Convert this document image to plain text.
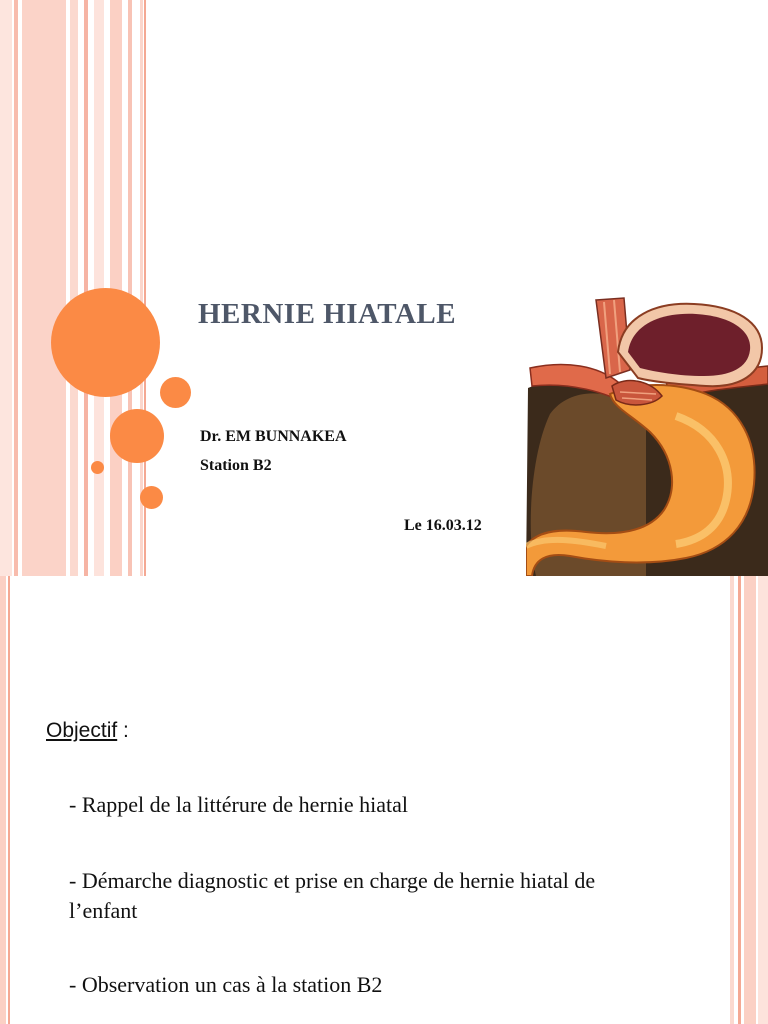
HERNIE HIATALE
Dr. EM BUNNAKEA
Station B2
Le 16.03.12
Objectif :
- Rappel de la littérure de hernie hiatal
- Démarche diagnostic et prise en charge de hernie hiatal de l’enfant
- Observation un cas à la station B2
